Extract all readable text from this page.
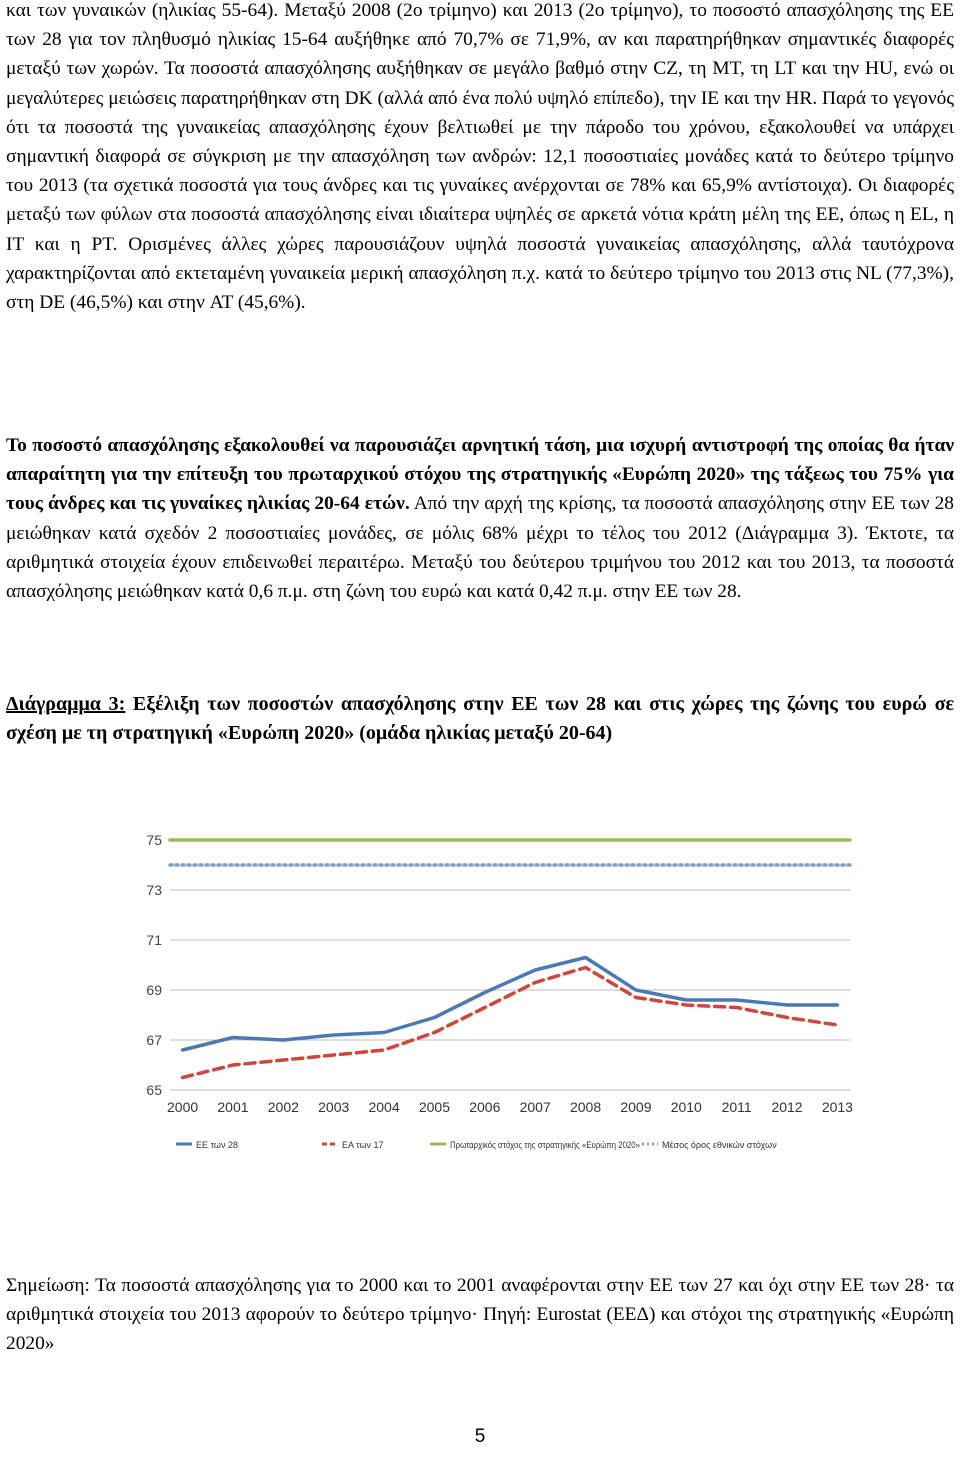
και των γυναικών (ηλικίας 55-64). Μεταξύ 2008 (2ο τρίμηνο) και 2013 (2ο τρίμηνο), το ποσοστό απασχόλησης της ΕΕ των 28 για τον πληθυσμό ηλικίας 15-64 αυξήθηκε από 70,7% σε 71,9%, αν και παρατηρήθηκαν σημαντικές διαφορές μεταξύ των χωρών. Τα ποσοστά απασχόλησης αυξήθηκαν σε μεγάλο βαθμό στην CZ, τη MT, τη LT και την HU, ενώ οι μεγαλύτερες μειώσεις παρατηρήθηκαν στη DK (αλλά από ένα πολύ υψηλό επίπεδο), την IE και την HR. Παρά το γεγονός ότι τα ποσοστά της γυναικείας απασχόλησης έχουν βελτιωθεί με την πάροδο του χρόνου, εξακολουθεί να υπάρχει σημαντική διαφορά σε σύγκριση με την απασχόληση των ανδρών: 12,1 ποσοστιαίες μονάδες κατά το δεύτερο τρίμηνο του 2013 (τα σχετικά ποσοστά για τους άνδρες και τις γυναίκες ανέρχονται σε 78% και 65,9% αντίστοιχα). Οι διαφορές μεταξύ των φύλων στα ποσοστά απασχόλησης είναι ιδιαίτερα υψηλές σε αρκετά νότια κράτη μέλη της ΕΕ, όπως η EL, η IT και η PT. Ορισμένες άλλες χώρες παρουσιάζουν υψηλά ποσοστά γυναικείας απασχόλησης, αλλά ταυτόχρονα χαρακτηρίζονται από εκτεταμένη γυναικεία μερική απασχόληση π.χ. κατά το δεύτερο τρίμηνο του 2013 στις NL (77,3%), στη DE (46,5%) και στην AT (45,6%).

Το ποσοστό απασχόλησης εξακολουθεί να παρουσιάζει αρνητική τάση, μια ισχυρή αντιστροφή της οποίας θα ήταν απαραίτητη για την επίτευξη του πρωταρχικού στόχου της στρατηγικής «Ευρώπη 2020» της τάξεως του 75% για τους άνδρες και τις γυναίκες ηλικίας 20-64 ετών. Από την αρχή της κρίσης, τα ποσοστά απασχόλησης στην ΕΕ των 28 μειώθηκαν κατά σχεδόν 2 ποσοστιαίες μονάδες, σε μόλις 68% μέχρι το τέλος του 2012 (Διάγραμμα 3). Έκτοτε, τα αριθμητικά στοιχεία έχουν επιδεινωθεί περαιτέρω. Μεταξύ του δεύτερου τριμήνου του 2012 και του 2013, τα ποσοστά απασχόλησης μειώθηκαν κατά 0,6 π.μ. στη ζώνη του ευρώ και κατά 0,42 π.μ. στην ΕΕ των 28.

Διάγραμμα 3: Εξέλιξη των ποσοστών απασχόλησης στην ΕΕ των 28 και στις χώρες της ζώνης του ευρώ σε σχέση με τη στρατηγική «Ευρώπη 2020» (ομάδα ηλικίας μεταξύ 20-64)

65
67
69
71
73
75
2000 2001 2002 2003 2004 2005 2006 2007 2008 2009 2010 2011 2012 2013
ΕΕ των 28	ΕΑ των 17	Πρωταρχικός στόχος της στρατηγικής «Ευρώπη 2020» Μέσος όρος εθνικών στόχων

Σημείωση: Τα ποσοστά απασχόλησης για το 2000 και το 2001 αναφέρονται στην ΕΕ των 27 και όχι στην ΕΕ των 28· τα αριθμητικά στοιχεία του 2013 αφορούν το δεύτερο τρίμηνο· Πηγή: Eurostat (ΕΕΔ) και στόχοι της στρατηγικής «Ευρώπη 2020»

5
